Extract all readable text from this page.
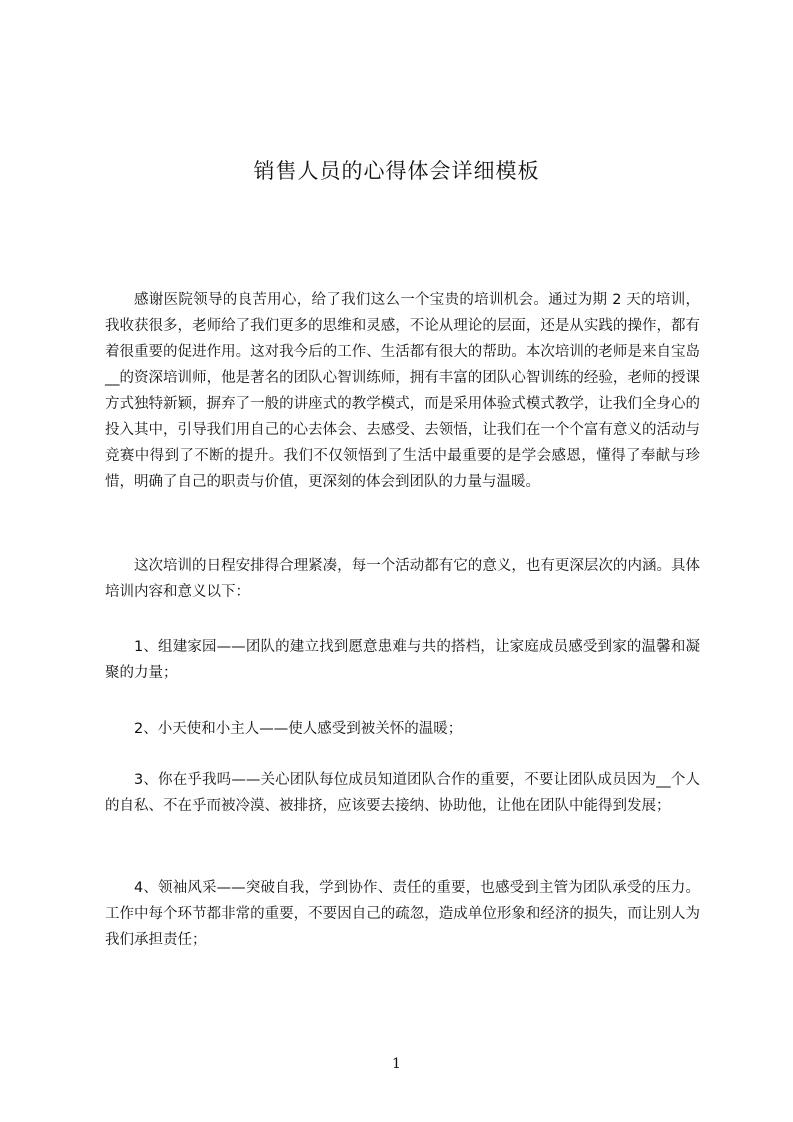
销售人员的心得体会详细模板

感谢医院领导的良苦用心，给了我们这么一个宝贵的培训机会。通过为期 2 天的培训，我收获很多，老师给了我们更多的思维和灵感，不论从理论的层面，还是从实践的操作，都有着很重要的促进作用。这对我今后的工作、生活都有很大的帮助。本次培训的老师是来自宝岛__的资深培训师，他是著名的团队心智训练师，拥有丰富的团队心智训练的经验，老师的授课方式独特新颖，摒弃了一般的讲座式的教学模式，而是采用体验式模式教学，让我们全身心的投入其中，引导我们用自己的心去体会、去感受、去领悟，让我们在一个个富有意义的活动与竞赛中得到了不断的提升。我们不仅领悟到了生活中最重要的是学会感恩，懂得了奉献与珍惜，明确了自己的职责与价值，更深刻的体会到团队的力量与温暖。

这次培训的日程安排得合理紧凑，每一个活动都有它的意义，也有更深层次的内涵。具体培训内容和意义以下：

1、组建家园——团队的建立找到愿意患难与共的搭档，让家庭成员感受到家的温馨和凝聚的力量；

2、小天使和小主人——使人感受到被关怀的温暖；

3、你在乎我吗——关心团队每位成员知道团队合作的重要，不要让团队成员因为__个人的自私、不在乎而被冷漠、被排挤，应该要去接纳、协助他，让他在团队中能得到发展；

4、领袖风采——突破自我，学到协作、责任的重要，也感受到主管为团队承受的压力。工作中每个环节都非常的重要，不要因自己的疏忽，造成单位形象和经济的损失，而让别人为我们承担责任；

1
